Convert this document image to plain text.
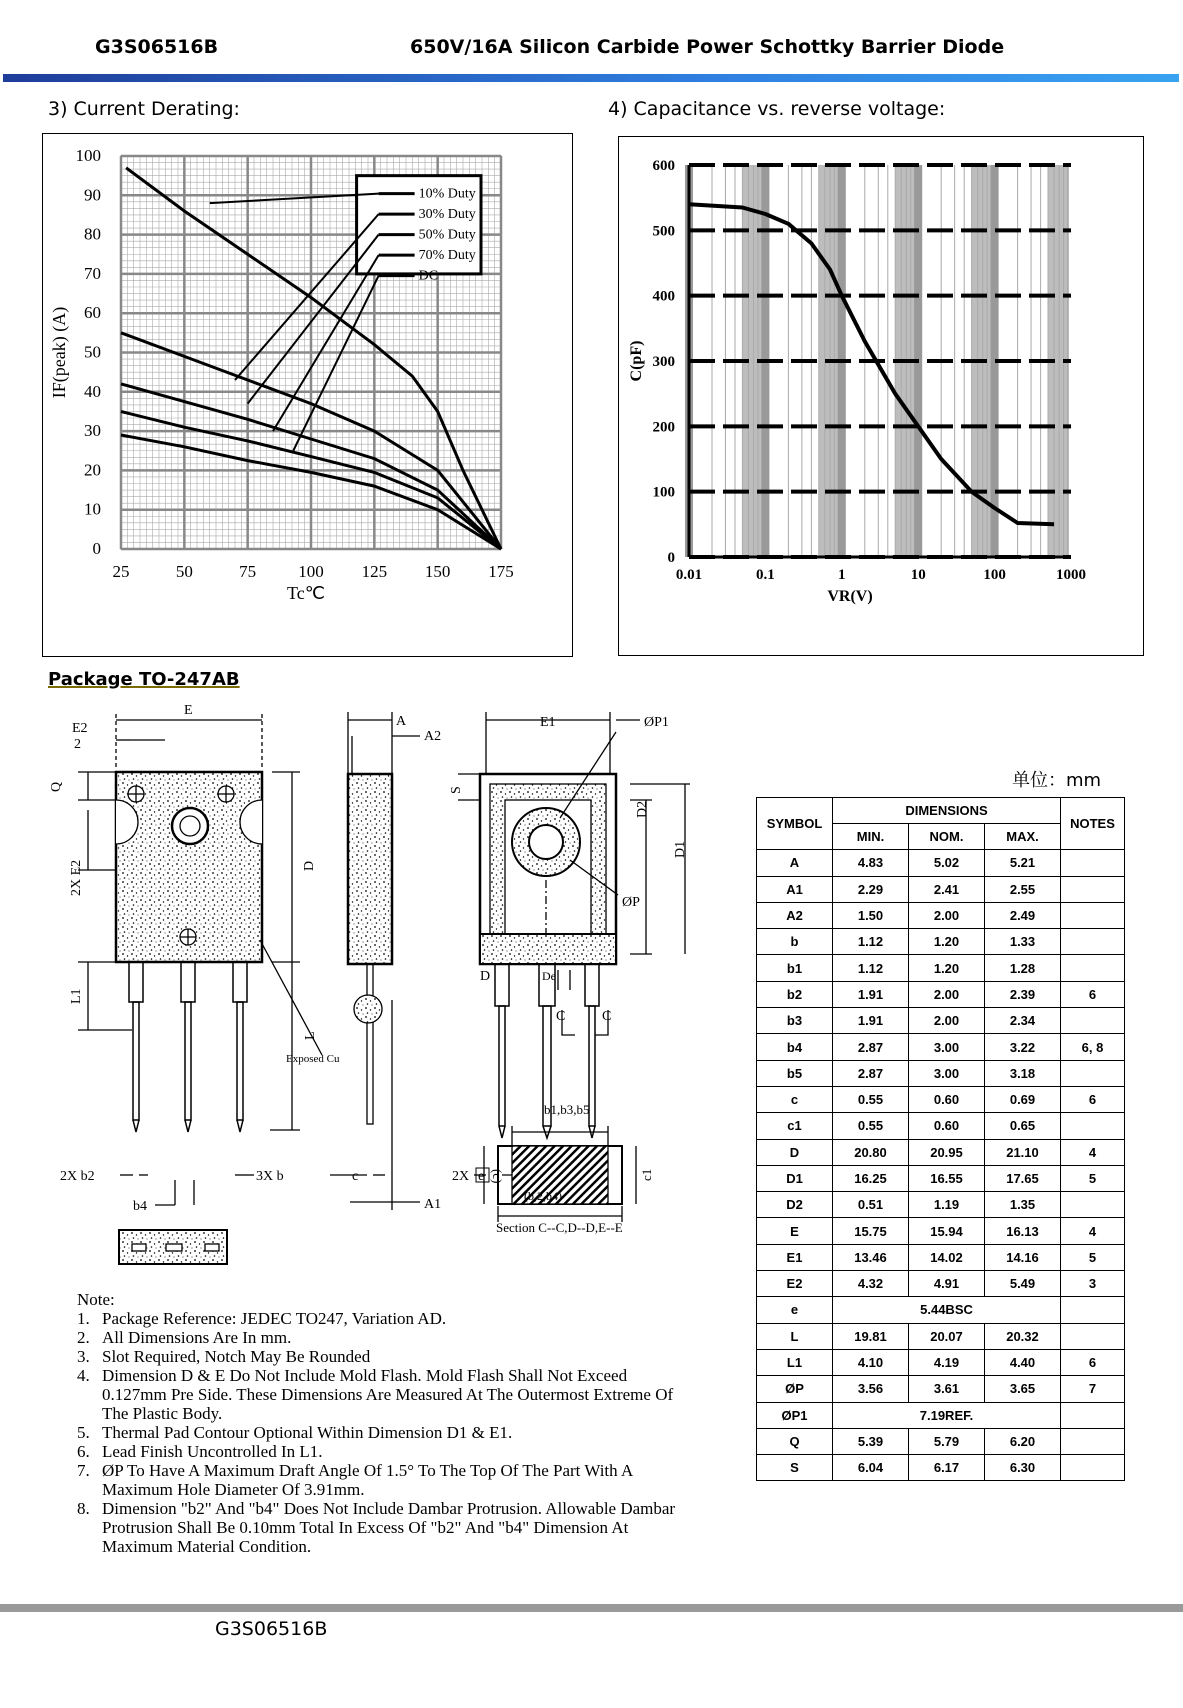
G3S06516B	650V/16A Silicon Carbide Power Schottky Barrier Diode
3) Current Derating:	4) Capacitance vs. reverse voltage:
25	50	75 100 125 150 175
0
10
20
30
40
50
60
70
80
90
100
Tc℃
IF(peak) (A)
10% Duty
30% Duty
50% Duty
70% Duty
DC
0
100
200
300
400
500
600
0.01	0.1	1	10	100	1000
VR(V)
C(pF)
Package TO-247AB
单位：mm
E
E2
2
Q
2X E2	D
L1
L
Exposed Cu
2X b2	3X b
b4
A
A2
c
A1
E1	ØP1
S
D2
D1
ØP
D	De
C	C
2X e
b1,b3,b5
(c)	c1
(b,2,b4)
Section C--C,D--D,E--E
SYMBOL	DIMENSIONS			NOTES
	MIN.	NOM.	MAX.	
A	4.83	5.02	5.21	
A1	2.29	2.41	2.55	
A2	1.50	2.00	2.49	
b	1.12	1.20	1.33	
b1	1.12	1.20	1.28	
b2	1.91	2.00	2.39	6
b3	1.91	2.00	2.34	
b4	2.87	3.00	3.22	6, 8
b5	2.87	3.00	3.18	
c	0.55	0.60	0.69	6
c1	0.55	0.60	0.65	
D	20.80	20.95	21.10	4
D1	16.25	16.55	17.65	5
D2	0.51	1.19	1.35	
E	15.75	15.94	16.13	4
E1	13.46	14.02	14.16	5
E2	4.32	4.91	5.49	3
e	5.44BSC			
L	19.81	20.07	20.32	
L1	4.10	4.19	4.40	6
ØP	3.56	3.61	3.65	7
ØP1	7.19REF.			
Q	5.39	5.79	6.20	
S	6.04	6.17	6.30	
Note:
1. Package Reference: JEDEC TO247, Variation AD.
2. All Dimensions Are In mm.
3. Slot Required, Notch May Be Rounded
4. Dimension D & E Do Not Include Mold Flash. Mold Flash Shall Not Exceed 0.127mm Pre Side. These Dimensions Are Measured At The Outermost Extreme Of The Plastic Body.
5. Thermal Pad Contour Optional Within Dimension D1 & E1.
6. Lead Finish Uncontrolled In L1.
7. ØP To Have A Maximum Draft Angle Of 1.5° To The Top Of The Part With A Maximum Hole Diameter Of 3.91mm.
8. Dimension "b2" And "b4" Does Not Include Dambar Protrusion. Allowable Dambar Protrusion Shall Be 0.10mm Total In Excess Of "b2" And "b4" Dimension At Maximum Material Condition.
G3S06516B
